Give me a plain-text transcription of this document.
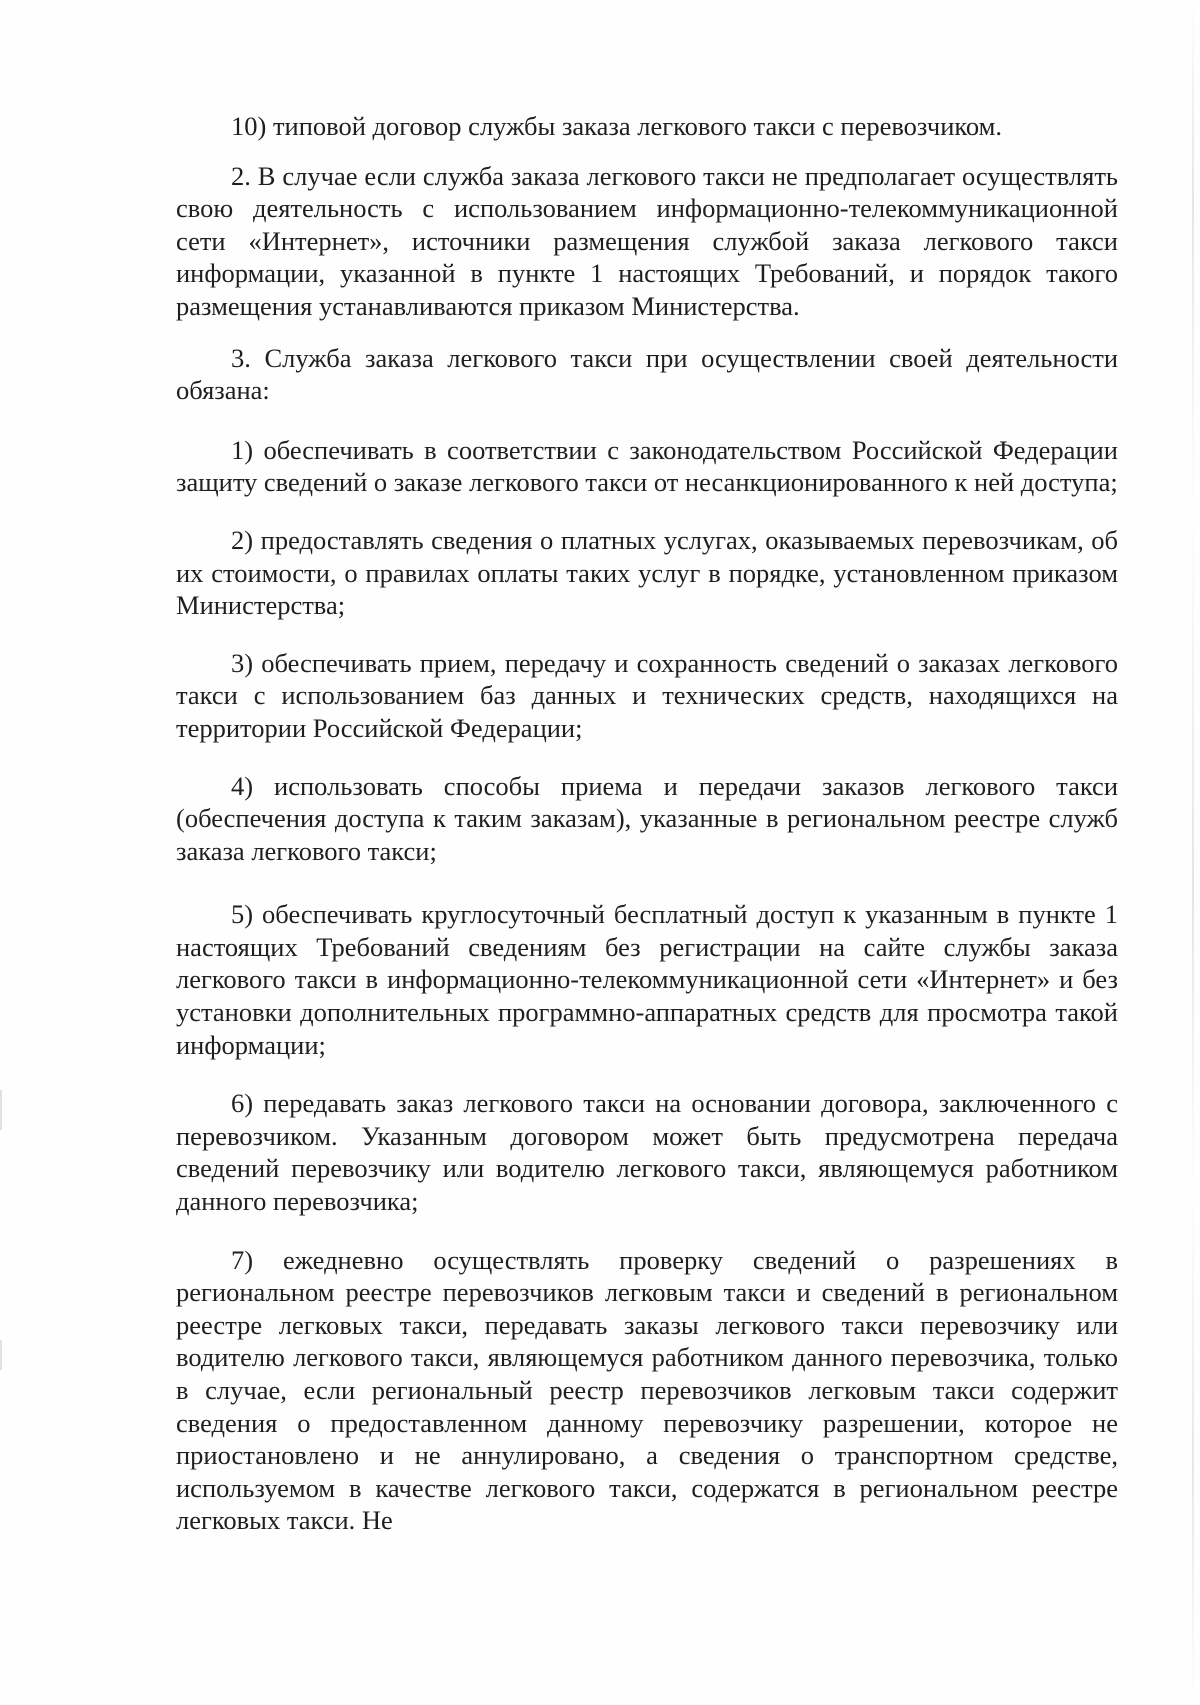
10) типовой договор службы заказа легкового такси с перевозчиком.

2. В случае если служба заказа легкового такси не предполагает осуществлять свою деятельность с использованием информационно-телекоммуникационной сети «Интернет», источники размещения службой заказа легкового такси информации, указанной в пункте 1 настоящих Требований, и порядок такого размещения устанавливаются приказом Министерства.

3. Служба заказа легкового такси при осуществлении своей деятельности обязана:

1) обеспечивать в соответствии с законодательством Российской Федерации защиту сведений о заказе легкового такси от несанкционированного к ней доступа;

2) предоставлять сведения о платных услугах, оказываемых перевозчикам, об их стоимости, о правилах оплаты таких услуг в порядке, установленном приказом Министерства;

3) обеспечивать прием, передачу и сохранность сведений о заказах легкового такси с использованием баз данных и технических средств, находящихся на территории Российской Федерации;

4) использовать способы приема и передачи заказов легкового такси (обеспечения доступа к таким заказам), указанные в региональном реестре служб заказа легкового такси;

5) обеспечивать круглосуточный бесплатный доступ к указанным в пункте 1 настоящих Требований сведениям без регистрации на сайте службы заказа легкового такси в информационно-телекоммуникационной сети «Интернет» и без установки дополнительных программно-аппаратных средств для просмотра такой информации;

6) передавать заказ легкового такси на основании договора, заключенного с перевозчиком. Указанным договором может быть предусмотрена передача сведений перевозчику или водителю легкового такси, являющемуся работником данного перевозчика;

7) ежедневно осуществлять проверку сведений о разрешениях в региональном реестре перевозчиков легковым такси и сведений в региональном реестре легковых такси, передавать заказы легкового такси перевозчику или водителю легкового такси, являющемуся работником данного перевозчика, только в случае, если региональный реестр перевозчиков легковым такси содержит сведения о предоставленном данному перевозчику разрешении, которое не приостановлено и не аннулировано, а сведения о транспортном средстве, используемом в качестве легкового такси, содержатся в региональном реестре легковых такси. Не
